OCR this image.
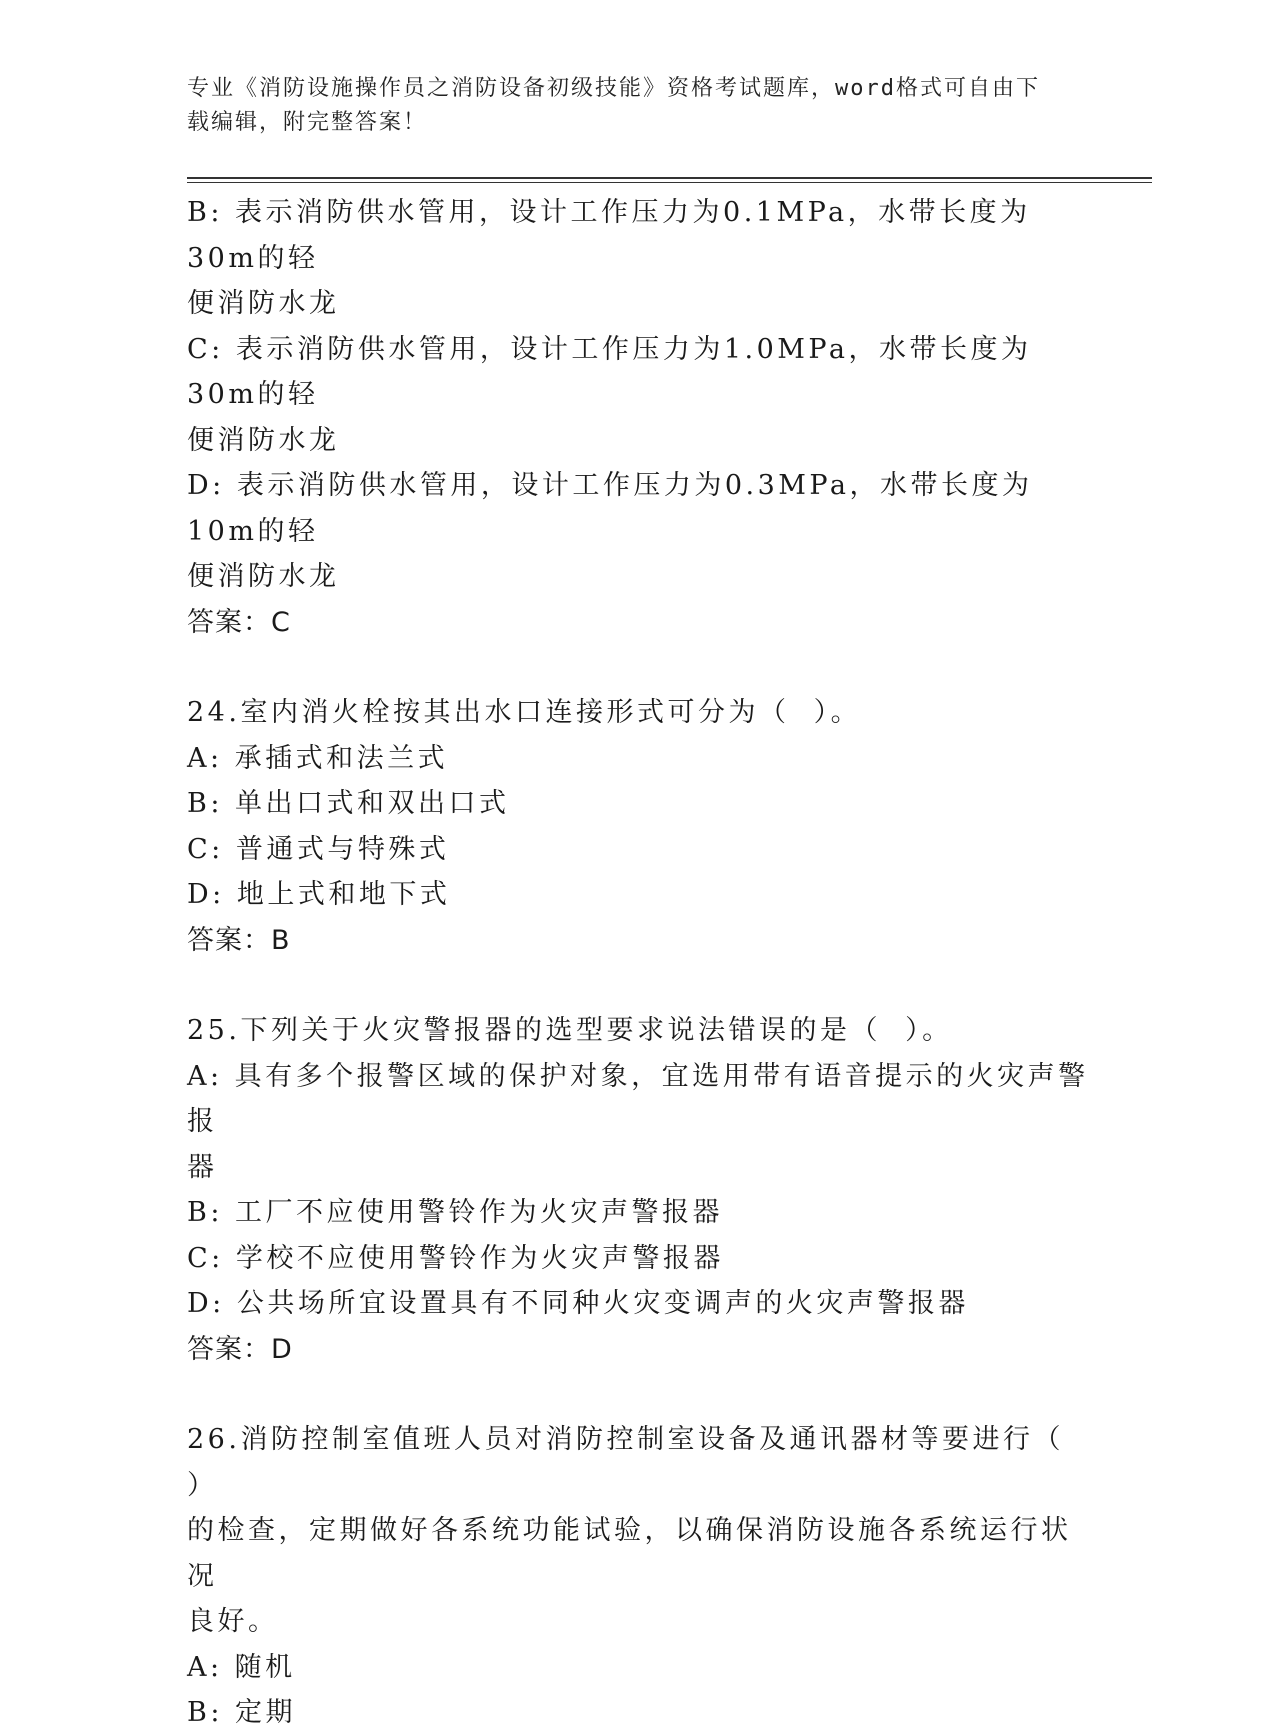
专业《消防设施操作员之消防设备初级技能》资格考试题库，word格式可自由下
载编辑，附完整答案！

B: 表示消防供水管用，设计工作压力为0.1MPa，水带长度为30m的轻

便消防水龙

C: 表示消防供水管用，设计工作压力为1.0MPa，水带长度为30m的轻

便消防水龙

D: 表示消防供水管用，设计工作压力为0.3MPa，水带长度为10m的轻

便消防水龙

答案：C

24.室内消火栓按其出水口连接形式可分为（  ）。

A: 承插式和法兰式

B: 单出口式和双出口式

C: 普通式与特殊式

D: 地上式和地下式

答案：B

25.下列关于火灾警报器的选型要求说法错误的是（  ）。

A: 具有多个报警区域的保护对象，宜选用带有语音提示的火灾声警报

器

B: 工厂不应使用警铃作为火灾声警报器

C: 学校不应使用警铃作为火灾声警报器

D: 公共场所宜设置具有不同种火灾变调声的火灾声警报器

答案：D

26.消防控制室值班人员对消防控制室设备及通讯器材等要进行（  ）

的检查，定期做好各系统功能试验，以确保消防设施各系统运行状况

良好。

A: 随机

B: 定期
